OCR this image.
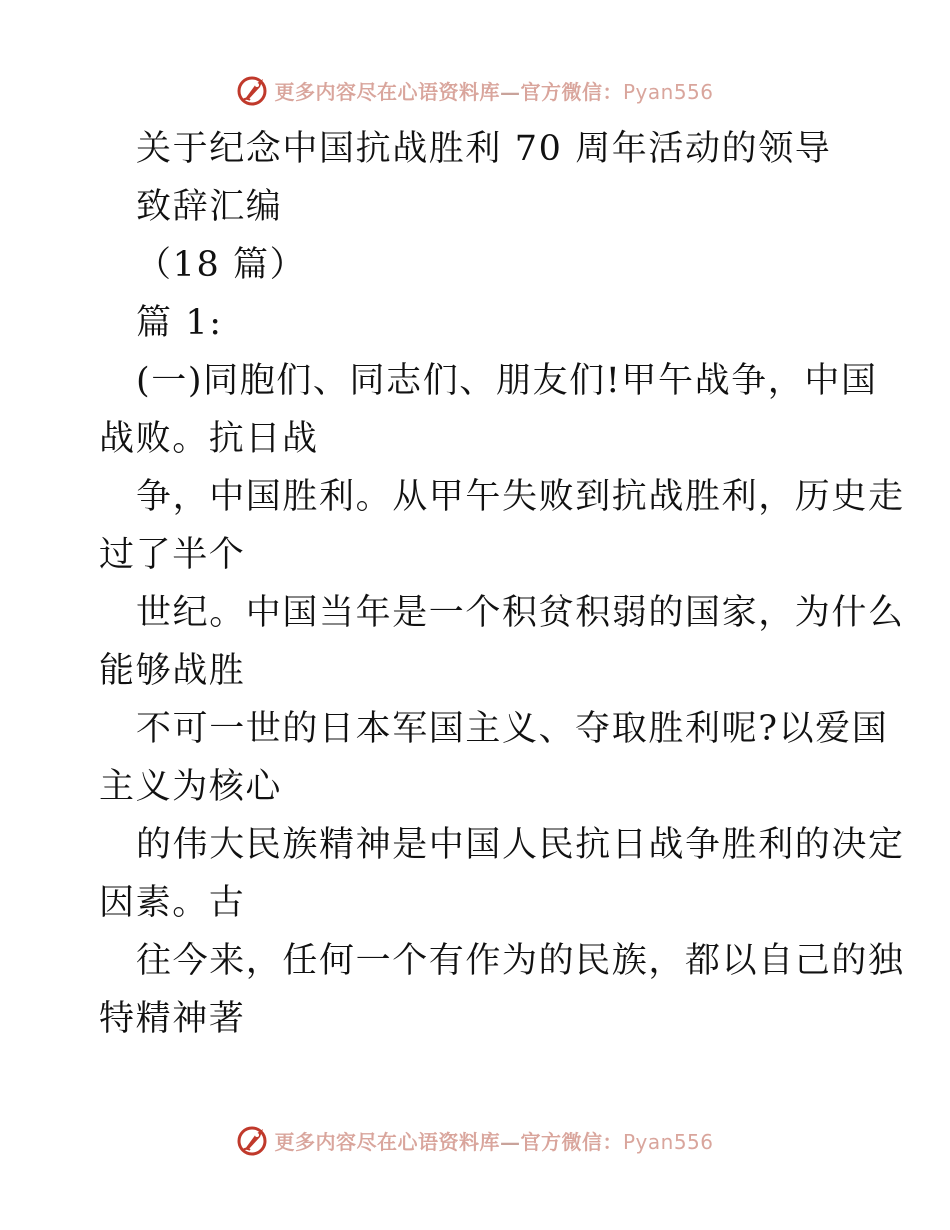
更多内容尽在心语资料库—官方微信：Pyan556
关于纪念中国抗战胜利 70 周年活动的领导
致辞汇编
（18 篇）
篇 1:
(一)同胞们、同志们、朋友们!甲午战争，中国
战败。抗日战
争，中国胜利。从甲午失败到抗战胜利，历史走
过了半个
世纪。中国当年是一个积贫积弱的国家，为什么
能够战胜
不可一世的日本军国主义、夺取胜利呢?以爱国
主义为核心
的伟大民族精神是中国人民抗日战争胜利的决定
因素。古
往今来，任何一个有作为的民族，都以自己的独
特精神著
更多内容尽在心语资料库—官方微信：Pyan556
